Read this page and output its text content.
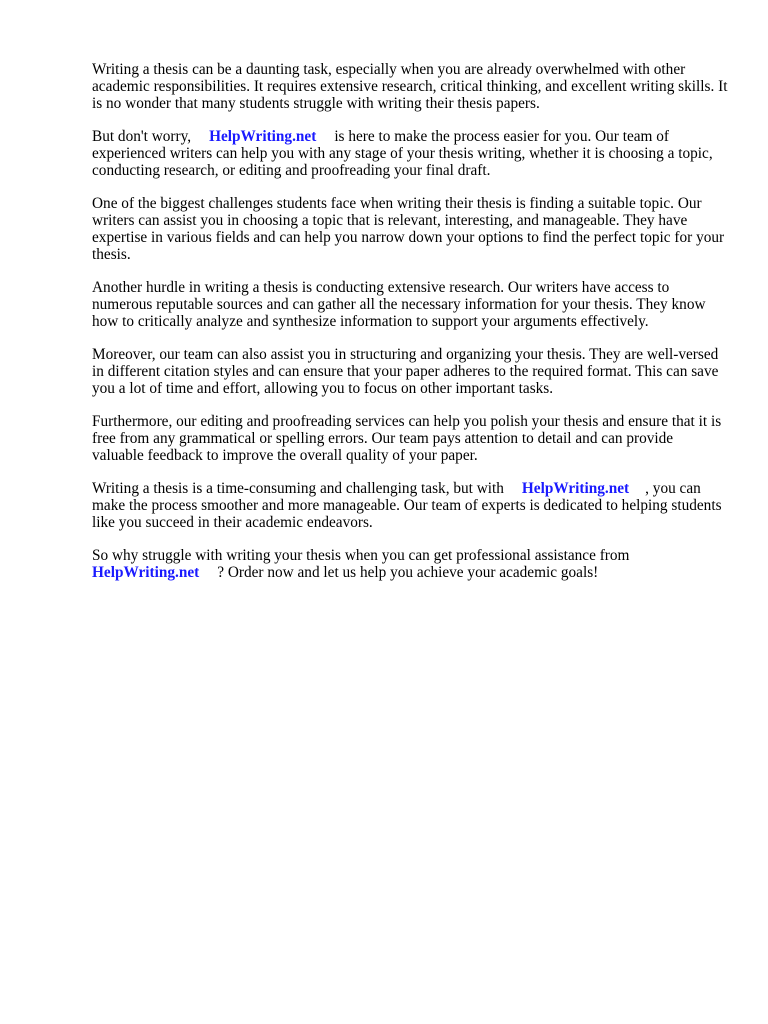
Writing a thesis can be a daunting task, especially when you are already overwhelmed with other academic responsibilities. It requires extensive research, critical thinking, and excellent writing skills. It is no wonder that many students struggle with writing their thesis papers.

But don't worry, HelpWriting.net is here to make the process easier for you. Our team of experienced writers can help you with any stage of your thesis writing, whether it is choosing a topic, conducting research, or editing and proofreading your final draft.

One of the biggest challenges students face when writing their thesis is finding a suitable topic. Our writers can assist you in choosing a topic that is relevant, interesting, and manageable. They have expertise in various fields and can help you narrow down your options to find the perfect topic for your thesis.

Another hurdle in writing a thesis is conducting extensive research. Our writers have access to numerous reputable sources and can gather all the necessary information for your thesis. They know how to critically analyze and synthesize information to support your arguments effectively.

Moreover, our team can also assist you in structuring and organizing your thesis. They are well-versed in different citation styles and can ensure that your paper adheres to the required format. This can save you a lot of time and effort, allowing you to focus on other important tasks.

Furthermore, our editing and proofreading services can help you polish your thesis and ensure that it is free from any grammatical or spelling errors. Our team pays attention to detail and can provide valuable feedback to improve the overall quality of your paper.

Writing a thesis is a time-consuming and challenging task, but with HelpWriting.net , you can make the process smoother and more manageable. Our team of experts is dedicated to helping students like you succeed in their academic endeavors.

So why struggle with writing your thesis when you can get professional assistance from HelpWriting.net ? Order now and let us help you achieve your academic goals!
